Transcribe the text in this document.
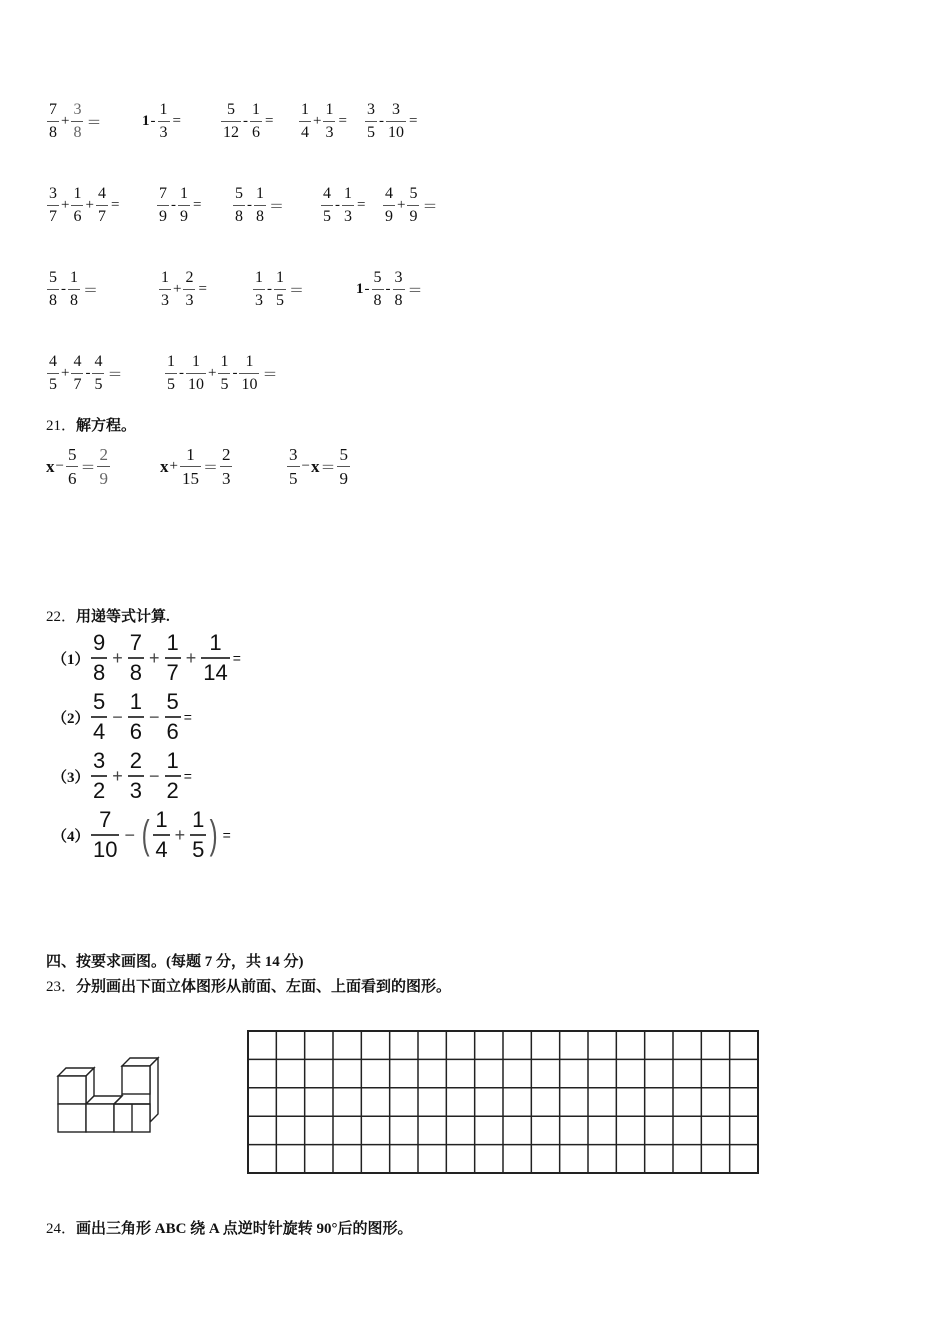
$\frac{7}{8} + \frac{3}{8}$ ＝	$1 - \frac{1}{3}$ =	$\frac{5}{12} - \frac{1}{6} = \frac{1}{4} + \frac{1}{3} = \frac{3}{5} - \frac{3}{10}$ =
$\frac{3}{7} + \frac{1}{6} + \frac{4}{7} = \frac{7}{9} - \frac{1}{9} = \frac{5}{8} - \frac{1}{8} = \frac{4}{5} - \frac{1}{3} = \frac{4}{9} + \frac{5}{9}$ ＝
$\frac{5}{8} - \frac{1}{8}$ ＝	$\frac{1}{3} + \frac{2}{3}$ =	$\frac{1}{3} - \frac{1}{5}$ ＝	$1 - \frac{5}{8} - \frac{3}{8}$ ＝
$\frac{4}{5} + \frac{4}{7} - \frac{4}{5}$ ＝	$\frac{1}{5} - \frac{1}{10} + \frac{1}{5} - \frac{1}{10}$ ＝
21．解方程。
$x - \frac{5}{6} = \frac{2}{9}$	$x + \frac{1}{15} = \frac{2}{3}$	$\frac{3}{5} - x = \frac{5}{9}$
22．用递等式计算.
$(1) \frac{9}{8} + \frac{7}{8} + \frac{1}{7} + \frac{1}{14}$ =
$(2) \frac{5}{4} - \frac{1}{6} - \frac{5}{6}$ =
$(3) \frac{3}{2} + \frac{2}{3} - \frac{1}{2}$ =
$(4) \frac{7}{10}$ − ( $\frac{1}{4} + \frac{1}{5}$ ) =
四、按要求画图。(每题 7 分，共 14 分)
23．分别画出下面立体图形从前面、左面、上面看到的图形。
24．画出三角形 ABC 绕 A 点逆时针旋转 90°后的图形。
